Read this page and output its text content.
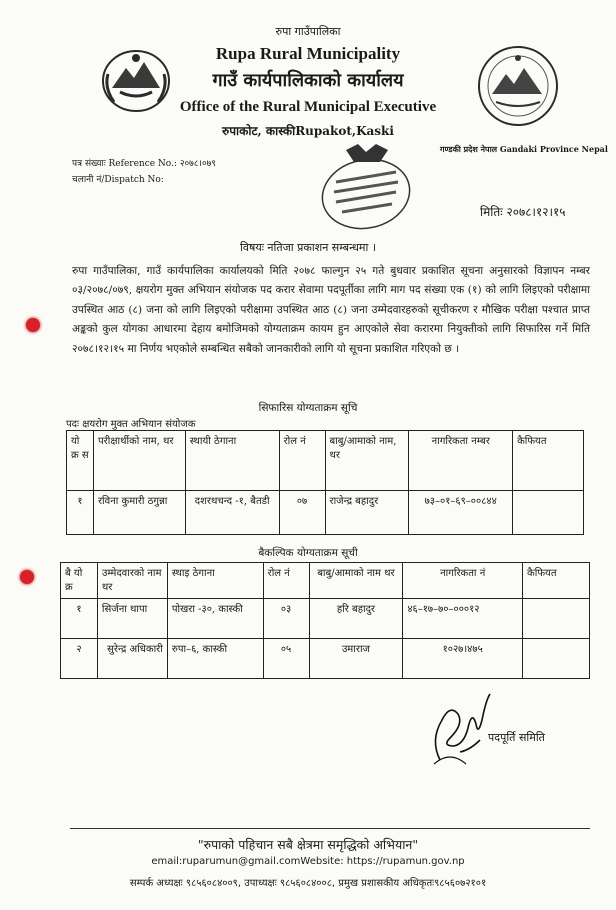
रुपा गाउँपालिका
Rupa Rural Municipality
गाउँ कार्यपालिकाको कार्यालय
Office of the Rural Municipal Executive
रुपाकोट, कास्कीRupakot,Kaski
गण्डकी प्रदेश नेपाल Gandaki Province Nepal
पत्र संख्याः Reference No.: २०७८।०७९
चलानी नं/Dispatch No:
मितिः २०७८।१२।१५
विषयः नतिजा प्रकाशन सम्बन्धमा ।
रुपा गाउँपालिका, गाउँ कार्यपालिका कार्यालयको मिति २०७८ फाल्गुन २५ गते बुधवार प्रकाशित सूचना अनुसारको विज्ञापन नम्बर ०३/२०७८/०७९, क्षयरोग मुक्त अभियान संयोजक पद करार सेवामा पदपूर्तीका लागि माग पद संख्या एक (१) को लागि लिइएको परीक्षामा उपस्थित आठ (८) जना को लागि लिइएको परीक्षामा उपस्थित आठ (८) जना उम्मेदवारहरुको सूचीकरण र मौखिक परीक्षा पश्चात प्राप्त अङ्कको कुल योगका आधारमा देहाय बमोजिमको योग्यताक्रम कायम हुन आएकोले सेवा करारमा नियुक्तीको लागि सिफारिस गर्ने मिति २०७८।१२।१५ मा निर्णय भएकोले सम्बन्धित सबैको जानकारीको लागि यो सूचना प्रकाशित गरिएको छ ।
सिफारिस योग्यताक्रम सूचि
पदः क्षयरोग मुक्त अभियान संयोजक
यो क्र स	परीक्षार्थीको नाम, थर	स्थायी ठेगाना	रोल नं	बाबु/आमाको नाम, थर	नागरिकता नम्बर	कैफियत
१	रविना कुमारी ठगुन्ना	दशरथचन्द -१, बैतडी	०७	राजेन्द्र बहादुर	७३–०१–६९–००८४४	
बैकल्पिक योग्यताक्रम सूची
बै यो क्र	उम्मेदवारको नाम थर	स्थाइ ठेगाना	रोल नं	बाबु/आमाको नाम थर	नागरिकता नं	कैफियत
१	सिर्जना थापा	पोखरा -३०, कास्की	०३	हरि बहादुर	४६–१७–७०–०००१२	
२	सुरेन्द्र अधिकारी	रुपा–६, कास्की	०५	उमाराज	१०२७।४७५	
पदपूर्ति समिति
"रुपाको पहिचान सबै क्षेत्रमा समृद्धिको अभियान"
email:ruparumun@gmail.comWebsite: https://rupamun.gov.np
सम्पर्क अध्यक्षः ९८५६०८४००९, उपाध्यक्षः ९८५६०८४००८, प्रमुख प्रशासकीय अधिकृतः९८५६०७२१०१
